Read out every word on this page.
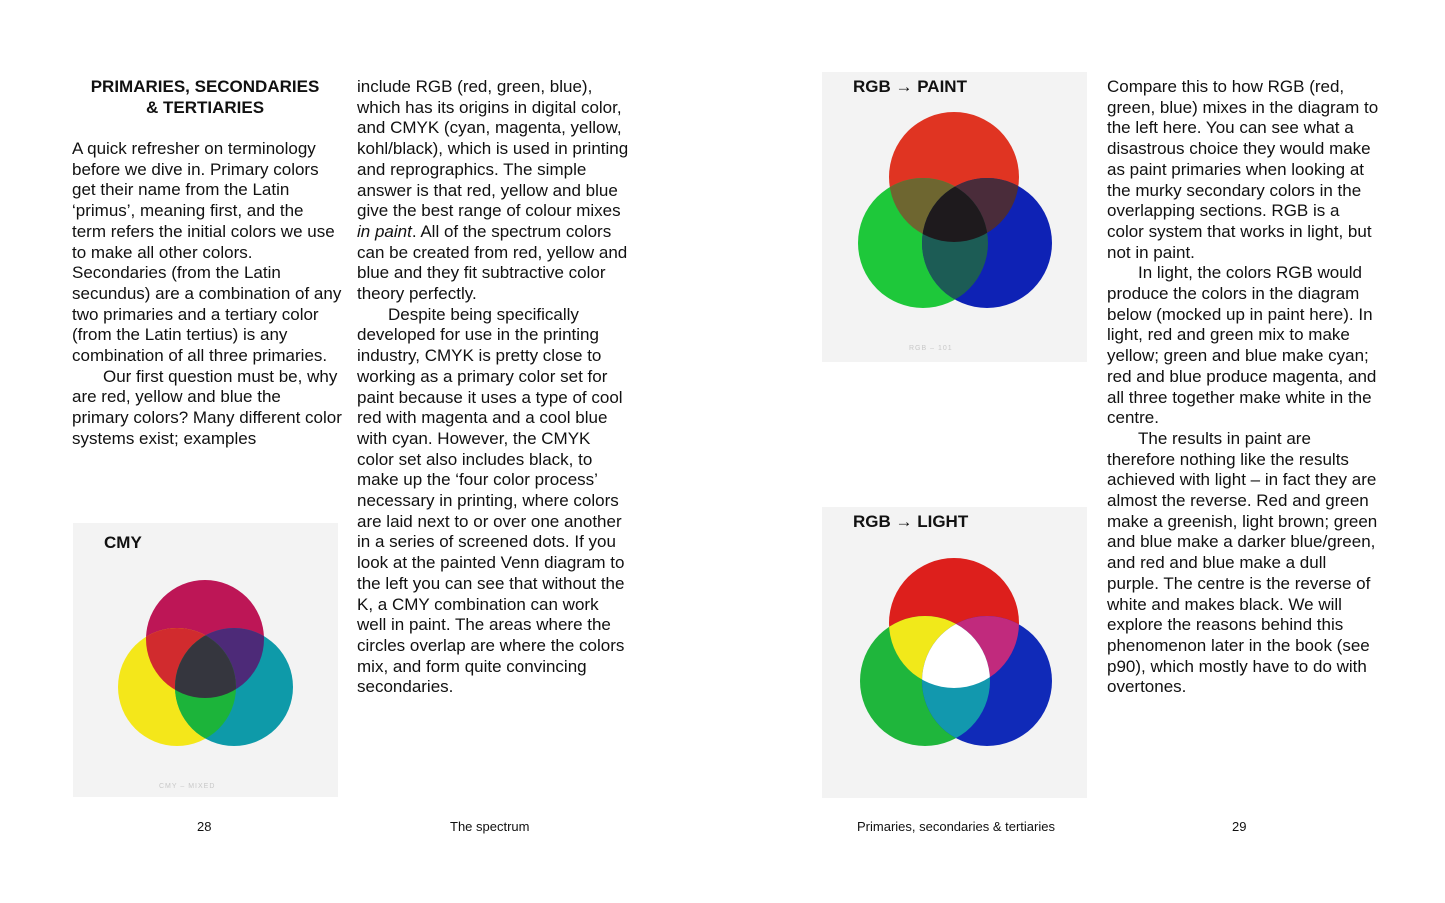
PRIMARIES, SECONDARIES
& TERTIARIES

A quick refresher on terminology before we dive in. Primary colors get their name from the Latin ‘primus’, meaning first, and the term refers the initial colors we use to make all other colors. Secondaries (from the Latin secundus) are a combination of any two primaries and a tertiary color (from the Latin tertius) is any combination of all three primaries.

Our first question must be, why are red, yellow and blue the primary colors? Many different color systems exist; examples

include RGB (red, green, blue), which has its origins in digital color, and CMYK (cyan, magenta, yellow, kohl/black), which is used in printing and reprographics. The simple answer is that red, yellow and blue give the best range of colour mixes in paint. All of the spectrum colors can be created from red, yellow and blue and they fit subtractive color theory perfectly.

Despite being specifically developed for use in the printing industry, CMYK is pretty close to working as a primary color set for paint because it uses a type of cool red with magenta and a cool blue with cyan. However, the CMYK color set also includes black, to make up the ‘four color process’ necessary in printing, where colors are laid next to or over one another in a series of screened dots. If you look at the painted Venn diagram to the left you can see that without the K, a CMY combination can work well in paint. The areas where the circles overlap are where the colors mix, and form quite convincing secondaries.

CMY – MIXED
CMY
28	The spectrum
RGB – 101
RGB → PAINT
RGB → LIGHT

Compare this to how RGB (red, green, blue) mixes in the diagram to the left here. You can see what a disastrous choice they would make as paint primaries when looking at the murky secondary colors in the overlapping sections. RGB is a color system that works in light, but not in paint.

In light, the colors RGB would produce the colors in the diagram below (mocked up in paint here). In light, red and green mix to make yellow; green and blue make cyan; red and blue produce magenta, and all three together make white in the centre.

The results in paint are therefore nothing like the results achieved with light – in fact they are almost the reverse. Red and green make a greenish, light brown; green and blue make a darker blue/green, and red and blue make a dull purple. The centre is the reverse of white and makes black. We will explore the reasons behind this phenomenon later in the book (see p90), which mostly have to do with overtones.

Primaries, secondaries & tertiaries	29
